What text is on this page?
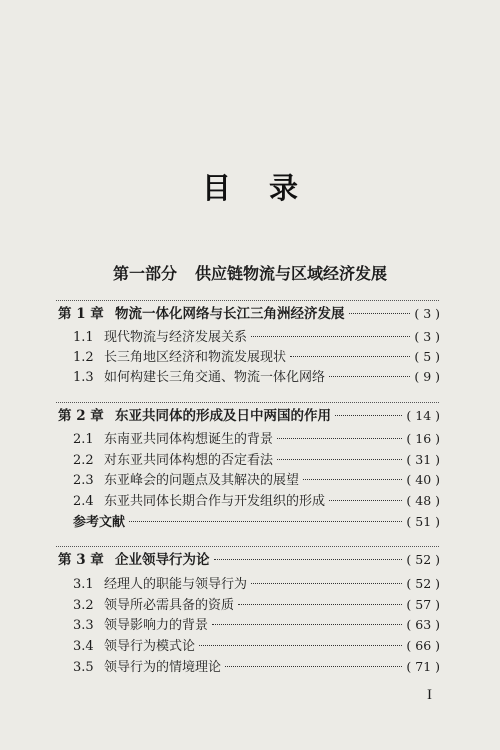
目录
第一部分 供应链物流与区域经济发展
第 1 章 物流一体化网络与长江三角洲经济发展	( 3 )
1.1 现代物流与经济发展关系	( 3 )
1.2 长三角地区经济和物流发展现状	( 5 )
1.3 如何构建长三角交通、物流一体化网络	( 9 )
第 2 章 东亚共同体的形成及日中两国的作用	( 14 )
2.1 东南亚共同体构想诞生的背景	( 16 )
2.2 对东亚共同体构想的否定看法	( 31 )
2.3 东亚峰会的问题点及其解决的展望	( 40 )
2.4 东亚共同体长期合作与开发组织的形成	( 48 )
参考文献	( 51 )
第 3 章 企业领导行为论	( 52 )
3.1 经理人的职能与领导行为	( 52 )
3.2 领导所必需具备的资质	( 57 )
3.3 领导影响力的背景	( 63 )
3.4 领导行为模式论	( 66 )
3.5 领导行为的情境理论	( 71 )
I
